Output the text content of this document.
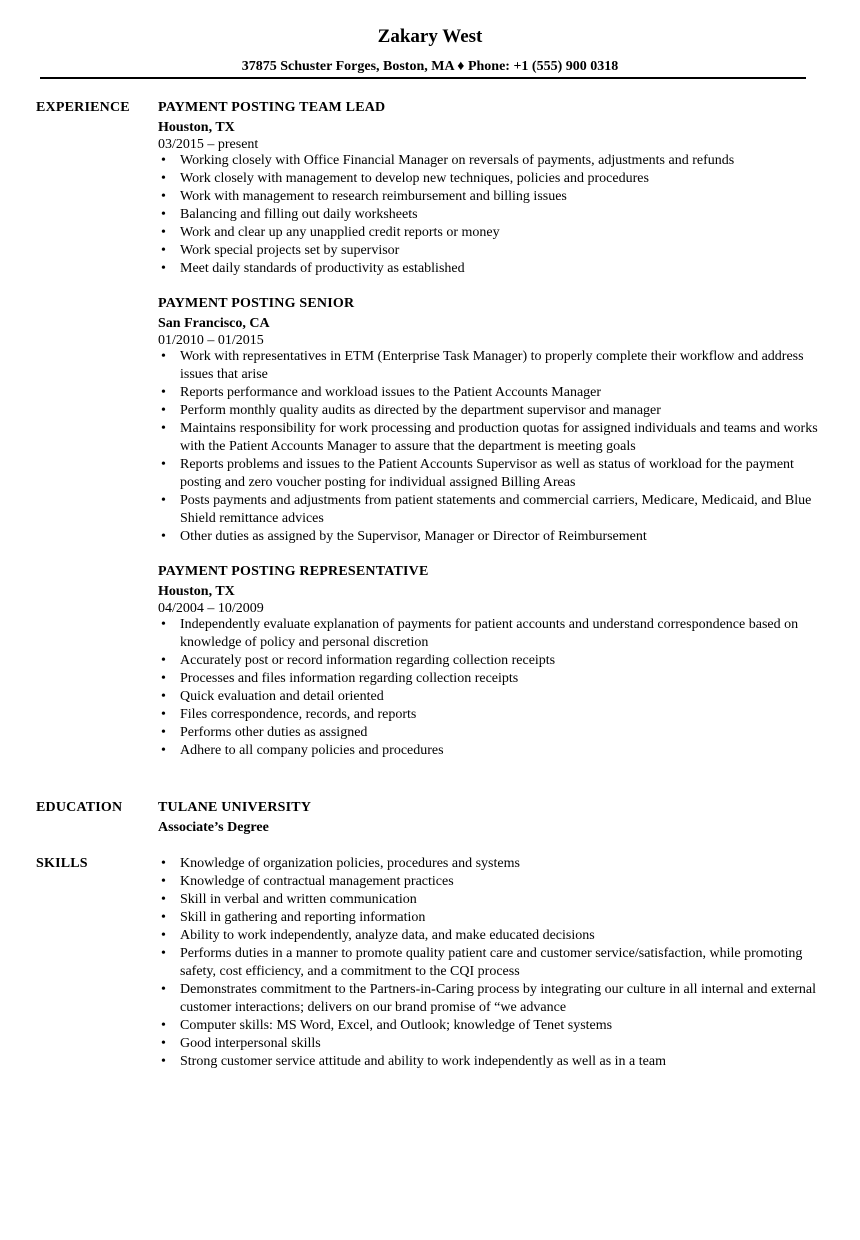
Zakary West
37875 Schuster Forges, Boston, MA ♦ Phone: +1 (555) 900 0318
EXPERIENCE PAYMENT POSTING TEAM LEAD
Houston, TX
03/2015 – present
• Working closely with Office Financial Manager on reversals of payments, adjustments and refunds
• Work closely with management to develop new techniques, policies and procedures
• Work with management to research reimbursement and billing issues
• Balancing and filling out daily worksheets
• Work and clear up any unapplied credit reports or money
• Work special projects set by supervisor
• Meet daily standards of productivity as established
PAYMENT POSTING SENIOR
San Francisco, CA
01/2010 – 01/2015
• Work with representatives in ETM (Enterprise Task Manager) to properly complete their workflow and address issues that arise
• Reports performance and workload issues to the Patient Accounts Manager
• Perform monthly quality audits as directed by the department supervisor and manager
• Maintains responsibility for work processing and production quotas for assigned individuals and teams and works with the Patient Accounts Manager to assure that the department is meeting goals
• Reports problems and issues to the Patient Accounts Supervisor as well as status of workload for the payment posting and zero voucher posting for individual assigned Billing Areas
• Posts payments and adjustments from patient statements and commercial carriers, Medicare, Medicaid, and Blue Shield remittance advices
• Other duties as assigned by the Supervisor, Manager or Director of Reimbursement
PAYMENT POSTING REPRESENTATIVE
Houston, TX
04/2004 – 10/2009
• Independently evaluate explanation of payments for patient accounts and understand correspondence based on knowledge of policy and personal discretion
• Accurately post or record information regarding collection receipts
• Processes and files information regarding collection receipts
• Quick evaluation and detail oriented
• Files correspondence, records, and reports
• Performs other duties as assigned
• Adhere to all company policies and procedures
EDUCATION	TULANE UNIVERSITY
Associate’s Degree
SKILLS
•	Knowledge of organization policies, procedures and systems
• Knowledge of contractual management practices
• Skill in verbal and written communication
• Skill in gathering and reporting information
• Ability to work independently, analyze data, and make educated decisions
• Performs duties in a manner to promote quality patient care and customer service/satisfaction, while promoting safety, cost efficiency, and a commitment to the CQI process
• Demonstrates commitment to the Partners-in-Caring process by integrating our culture in all internal and external customer interactions; delivers on our brand promise of “we advance
• Computer skills: MS Word, Excel, and Outlook; knowledge of Tenet systems
• Good interpersonal skills
• Strong customer service attitude and ability to work independently as well as in a team
